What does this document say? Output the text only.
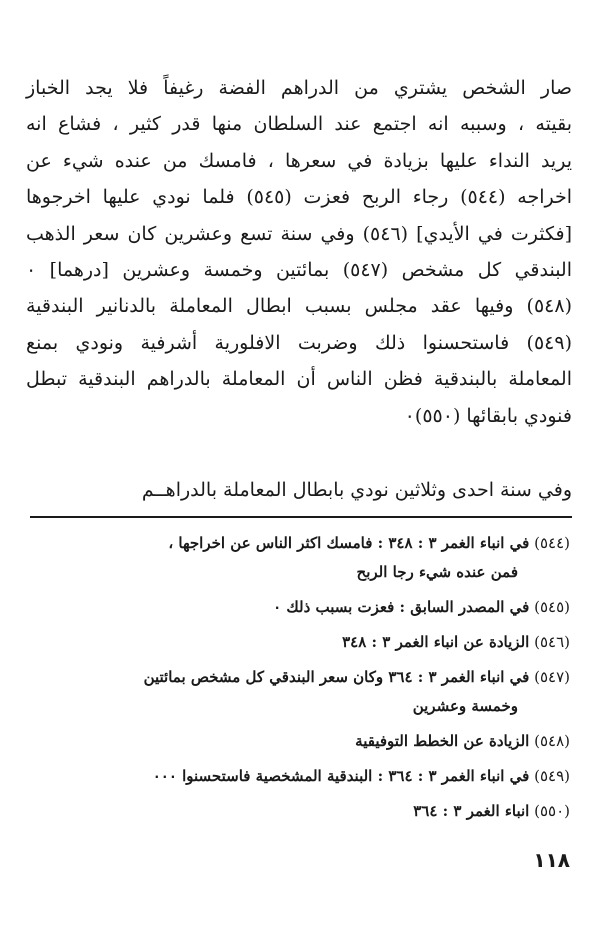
صار الشخص يشتري من الدراهم الفضة رغيفاً فلا يجد الخباز
بقيته ، وسببه انه اجتمع عند السلطان منها قدر كثير ، فشاع انه
يريد النداء عليها بزيادة في سعرها ، فامسك من عنده شيء عن
اخراجه (٥٤٤) رجاء الربح فعزت (٥٤٥) فلما نودي عليها اخرجوها
[فكثرت في الأيدي] (٥٤٦) وفي سنة تسع وعشرين كان سعر الذهب
البندقي كل مشخص (٥٤٧) بمائتين وخمسة وعشرين [درهما] ٠
(٥٤٨) وفيها عقد مجلس بسبب ابطال المعاملة بالدنانير البندقية
(٥٤٩) فاستحسنوا ذلك وضربت الافلورية أشرفية ونودي بمنع
المعاملة بالبندقية فظن الناس أن المعاملة بالدراهم البندقية تبطل
فنودي بابقائها (٥٥٠)٠
وفي سنة احدى وثلاثين نودي بابطال المعاملة بالدراهــم
(٥٤٤) في انباء الغمر ٣ : ٣٤٨ : فامسك اكثر الناس عن اخراجها ،
فمن عنده شيء رجا الربح
(٥٤٥) في المصدر السابق : فعزت بسبب ذلك ٠
(٥٤٦) الزيادة عن انباء الغمر ٣ : ٣٤٨
(٥٤٧) في انباء الغمر ٣ : ٣٦٤ وكان سعر البندقي كل مشخص بمائتين
وخمسة وعشرين
(٥٤٨) الزيادة عن الخطط التوفيقية
(٥٤٩) في انباء الغمر ٣ : ٣٦٤ : البندقية المشخصية فاستحسنوا ٠٠٠
(٥٥٠) انباء الغمر ٣ : ٣٦٤
١١٨
